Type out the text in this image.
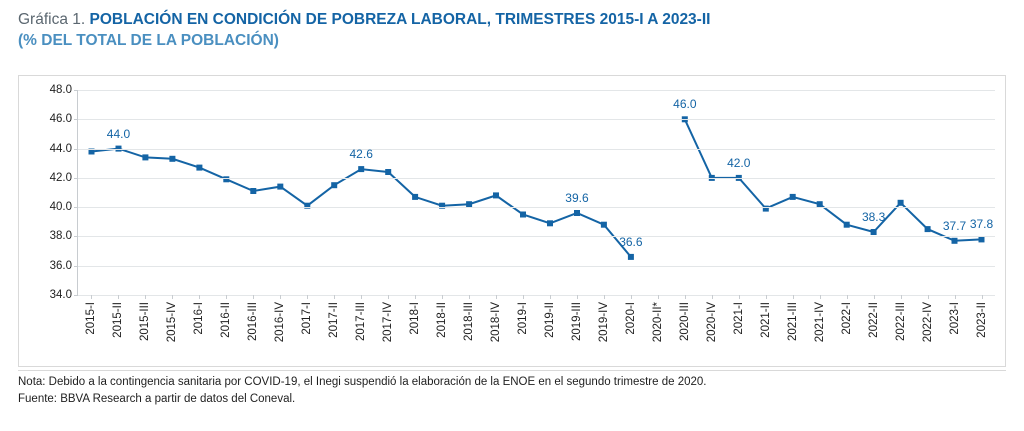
Gráfica 1. POBLACIÓN EN CONDICIÓN DE POBREZA LABORAL, TRIMESTRES 2015-I A 2023-II
(% DEL TOTAL DE LA POBLACIÓN)
34.0
36.0
38.0
40.0
42.0
44.0
46.0
48.0
2015-I 2015-II 2015-III 2015-IV 2016-I 2016-II 2016-III 2016-IV 2017-I 2017-II 2017-III 2017-IV 2018-I 2018-II 2018-III 2018-IV 2019-I 2019-II 2019-III 2019-IV 2020-I 2020-II* 2020-III 2020-IV 2021-I 2021-II 2021-III 2021-IV 2022-I 2022-II 2022-III 2022-IV 2023-I 2023-II
44.0
42.6
39.6
36.6
46.0
42.0
38.3
37.7 37.8
Nota: Debido a la contingencia sanitaria por COVID-19, el Inegi suspendió la elaboración de la ENOE en el segundo trimestre de 2020.
Fuente: BBVA Research a partir de datos del Coneval.
